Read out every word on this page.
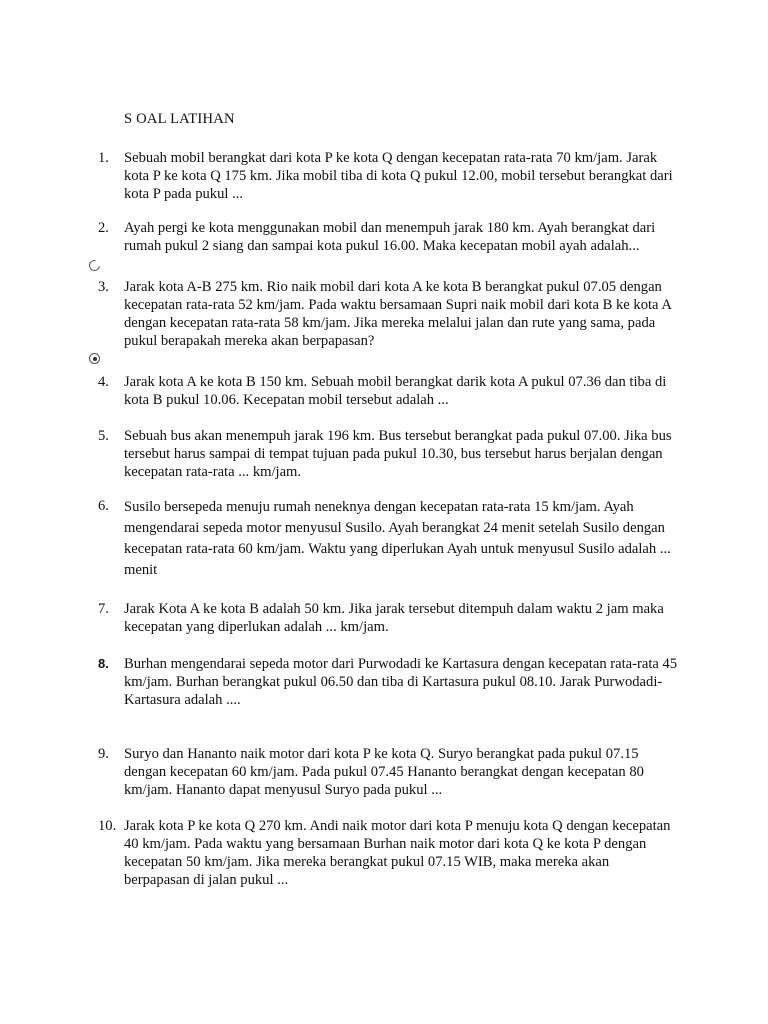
S OAL LATIHAN
1.	Sebuah mobil berangkat dari kota P ke kota Q dengan kecepatan rata-rata 70 km/jam. Jarak kota P ke kota Q 175 km. Jika mobil tiba di kota Q pukul 12.00, mobil tersebut berangkat dari kota P pada pukul ...
2.	Ayah pergi ke kota menggunakan mobil dan menempuh jarak 180 km. Ayah berangkat dari rumah pukul 2 siang dan sampai kota pukul 16.00. Maka kecepatan mobil ayah adalah...
3.	Jarak kota A-B 275 km. Rio naik mobil dari kota A ke kota B berangkat pukul 07.05 dengan kecepatan rata-rata 52 km/jam. Pada waktu bersamaan Supri naik mobil dari kota B ke kota A dengan kecepatan rata-rata 58 km/jam. Jika mereka melalui jalan dan rute yang sama, pada pukul berapakah mereka akan berpapasan?
4.	Jarak kota A ke kota B 150 km. Sebuah mobil berangkat darik kota A pukul 07.36 dan tiba di kota B pukul 10.06. Kecepatan mobil tersebut adalah ...
5.	Sebuah bus akan menempuh jarak 196 km. Bus tersebut berangkat pada pukul 07.00. Jika bus tersebut harus sampai di tempat tujuan pada pukul 10.30, bus tersebut harus berjalan dengan kecepatan rata-rata ... km/jam.
6.	Susilo bersepeda menuju rumah neneknya dengan kecepatan rata-rata 15 km/jam. Ayah mengendarai sepeda motor menyusul Susilo. Ayah berangkat 24 menit setelah Susilo dengan kecepatan rata-rata 60 km/jam. Waktu yang diperlukan Ayah untuk menyusul Susilo adalah ... menit
7.	Jarak Kota A ke kota B adalah 50 km. Jika jarak tersebut ditempuh dalam waktu 2 jam maka kecepatan yang diperlukan adalah ... km/jam.
8.	Burhan mengendarai sepeda motor dari Purwodadi ke Kartasura dengan kecepatan rata-rata 45 km/jam. Burhan berangkat pukul 06.50 dan tiba di Kartasura pukul 08.10. Jarak Purwodadi-Kartasura adalah ....
9.	Suryo dan Hananto naik motor dari kota P ke kota Q. Suryo berangkat pada pukul 07.15 dengan kecepatan 60 km/jam. Pada pukul 07.45 Hananto berangkat dengan kecepatan 80 km/jam. Hananto dapat menyusul Suryo pada pukul ...
10. Jarak kota P ke kota Q 270 km. Andi naik motor dari kota P menuju kota Q dengan kecepatan 40 km/jam. Pada waktu yang bersamaan Burhan naik motor dari kota Q ke kota P dengan kecepatan 50 km/jam. Jika mereka berangkat pukul 07.15 WIB, maka mereka akan berpapasan di jalan pukul ...
